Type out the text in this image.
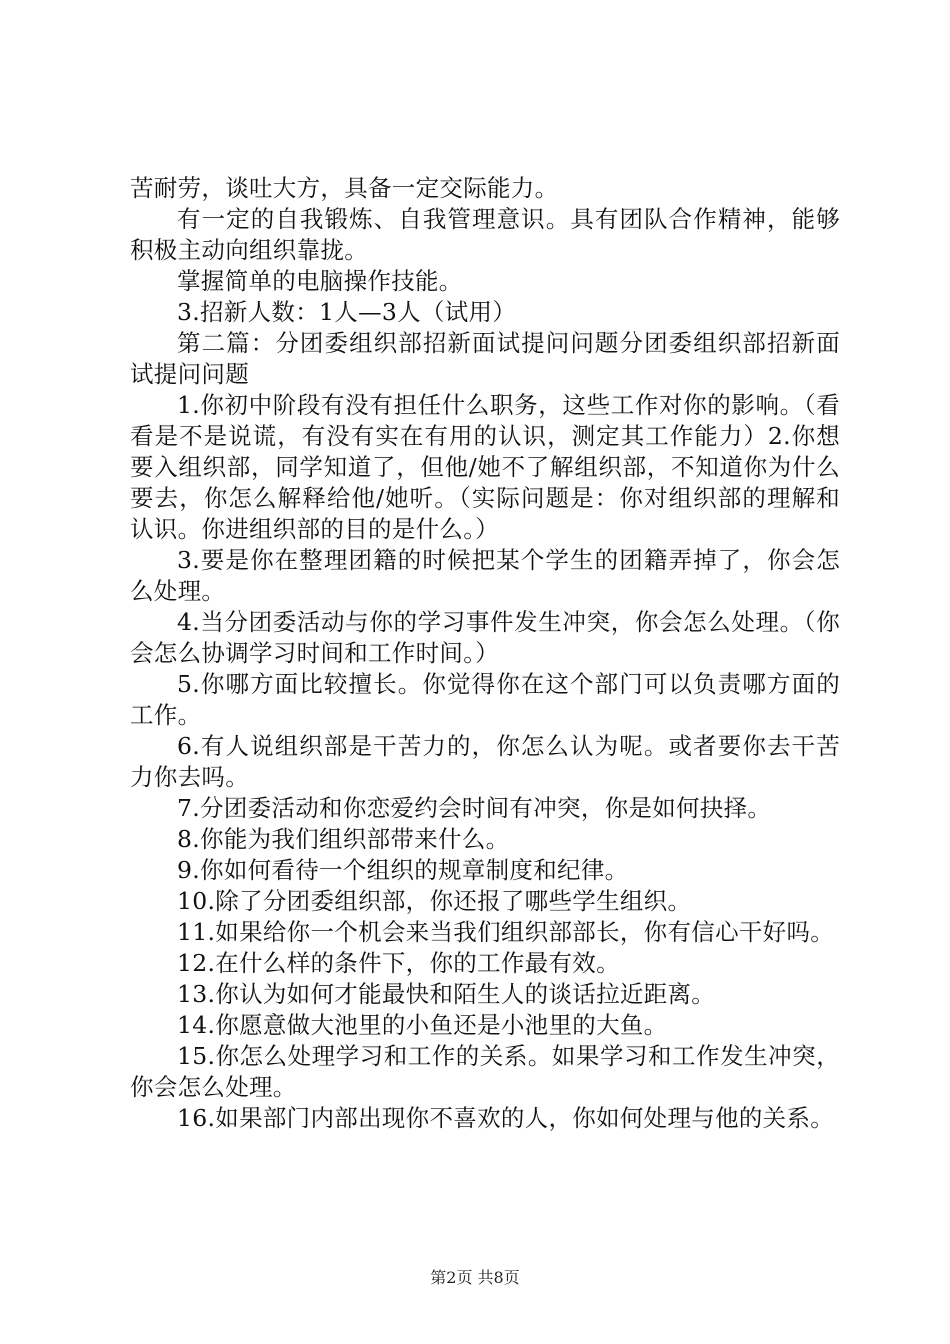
苦耐劳，谈吐大方，具备一定交际能力。

有一定的自我锻炼、自我管理意识。具有团队合作精神，能够积极主动向组织靠拢。

掌握简单的电脑操作技能。

3.招新人数：1人—3人（试用）

第二篇：分团委组织部招新面试提问问题分团委组织部招新面试提问问题

1.你初中阶段有没有担任什么职务，这些工作对你的影响。（看看是不是说谎，有没有实在有用的认识，测定其工作能力）2.你想要入组织部，同学知道了，但他/她不了解组织部，不知道你为什么要去，你怎么解释给他/她听。（实际问题是：你对组织部的理解和认识。你进组织部的目的是什么。）

3.要是你在整理团籍的时候把某个学生的团籍弄掉了，你会怎么处理。

4.当分团委活动与你的学习事件发生冲突，你会怎么处理。（你会怎么协调学习时间和工作时间。）

5.你哪方面比较擅长。你觉得你在这个部门可以负责哪方面的工作。

6.有人说组织部是干苦力的，你怎么认为呢。或者要你去干苦力你去吗。

7.分团委活动和你恋爱约会时间有冲突，你是如何抉择。

8.你能为我们组织部带来什么。

9.你如何看待一个组织的规章制度和纪律。

10.除了分团委组织部，你还报了哪些学生组织。

11.如果给你一个机会来当我们组织部部长，你有信心干好吗。

12.在什么样的条件下，你的工作最有效。

13.你认为如何才能最快和陌生人的谈话拉近距离。

14.你愿意做大池里的小鱼还是小池里的大鱼。

15.你怎么处理学习和工作的关系。如果学习和工作发生冲突，你会怎么处理。

16.如果部门内部出现你不喜欢的人，你如何处理与他的关系。

第2页 共8页
